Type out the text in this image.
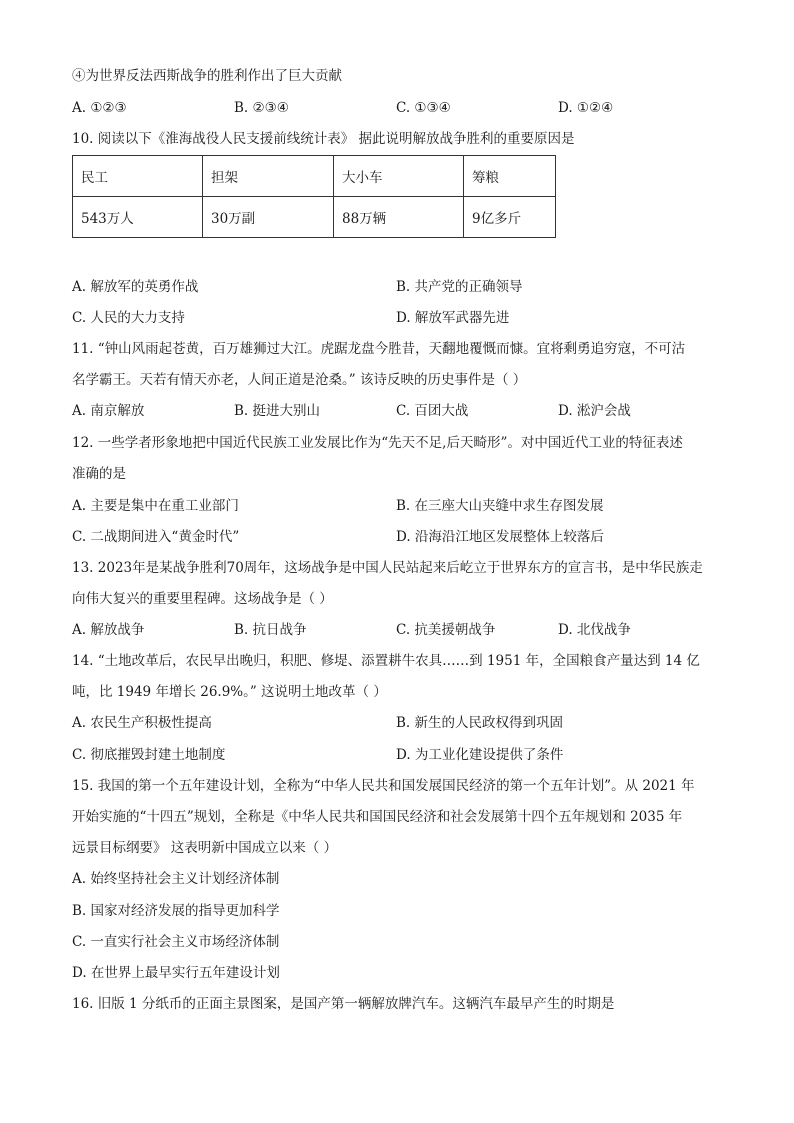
④为世界反法西斯战争的胜利作出了巨大贡献
A. ①②③	B. ②③④	C. ①③④	D. ①②④
10. 阅读以下《淮海战役人民支援前线统计表》 据此说明解放战争胜利的重要原因是
民工	担架	大小车	筹粮
543万人	30万副	88万辆	9亿多斤
A. 解放军的英勇作战	B. 共产党的正确领导
C. 人民的大力支持	D. 解放军武器先进
11. “钟山风雨起苍黄，百万雄狮过大江。虎踞龙盘今胜昔，天翻地覆慨而慷。宜将剩勇追穷寇，不可沽
名学霸王。天若有情天亦老，人间正道是沧桑。” 该诗反映的历史事件是（ ）
A. 南京解放	B. 挺进大别山	C. 百团大战	D. 淞沪会战
12. 一些学者形象地把中国近代民族工业发展比作为“先天不足,后天畸形”。对中国近代工业的特征表述
准确的是
A. 主要是集中在重工业部门	B. 在三座大山夹缝中求生存图发展
C. 二战期间进入“黄金时代”	D. 沿海沿江地区发展整体上较落后
13. 2023年是某战争胜利70周年，这场战争是中国人民站起来后屹立于世界东方的宣言书，是中华民族走
向伟大复兴的重要里程碑。这场战争是（ ）
A. 解放战争	B. 抗日战争	C. 抗美援朝战争	D. 北伐战争
14. “土地改革后，农民早出晚归，积肥、修堤、添置耕牛农具……到 1951 年，全国粮食产量达到 14 亿
吨，比 1949 年增长 26.9%。” 这说明土地改革（ ）
A. 农民生产积极性提高	B. 新生的人民政权得到巩固
C. 彻底摧毁封建土地制度	D. 为工业化建设提供了条件
15. 我国的第一个五年建设计划，全称为“中华人民共和国发展国民经济的第一个五年计划”。从 2021 年
开始实施的“十四五”规划，全称是《中华人民共和国国民经济和社会发展第十四个五年规划和 2035 年
远景目标纲要》 这表明新中国成立以来（ ）
A. 始终坚持社会主义计划经济体制
B. 国家对经济发展的指导更加科学
C. 一直实行社会主义市场经济体制
D. 在世界上最早实行五年建设计划
16. 旧版 1 分纸币的正面主景图案，是国产第一辆解放牌汽车。这辆汽车最早产生的时期是
